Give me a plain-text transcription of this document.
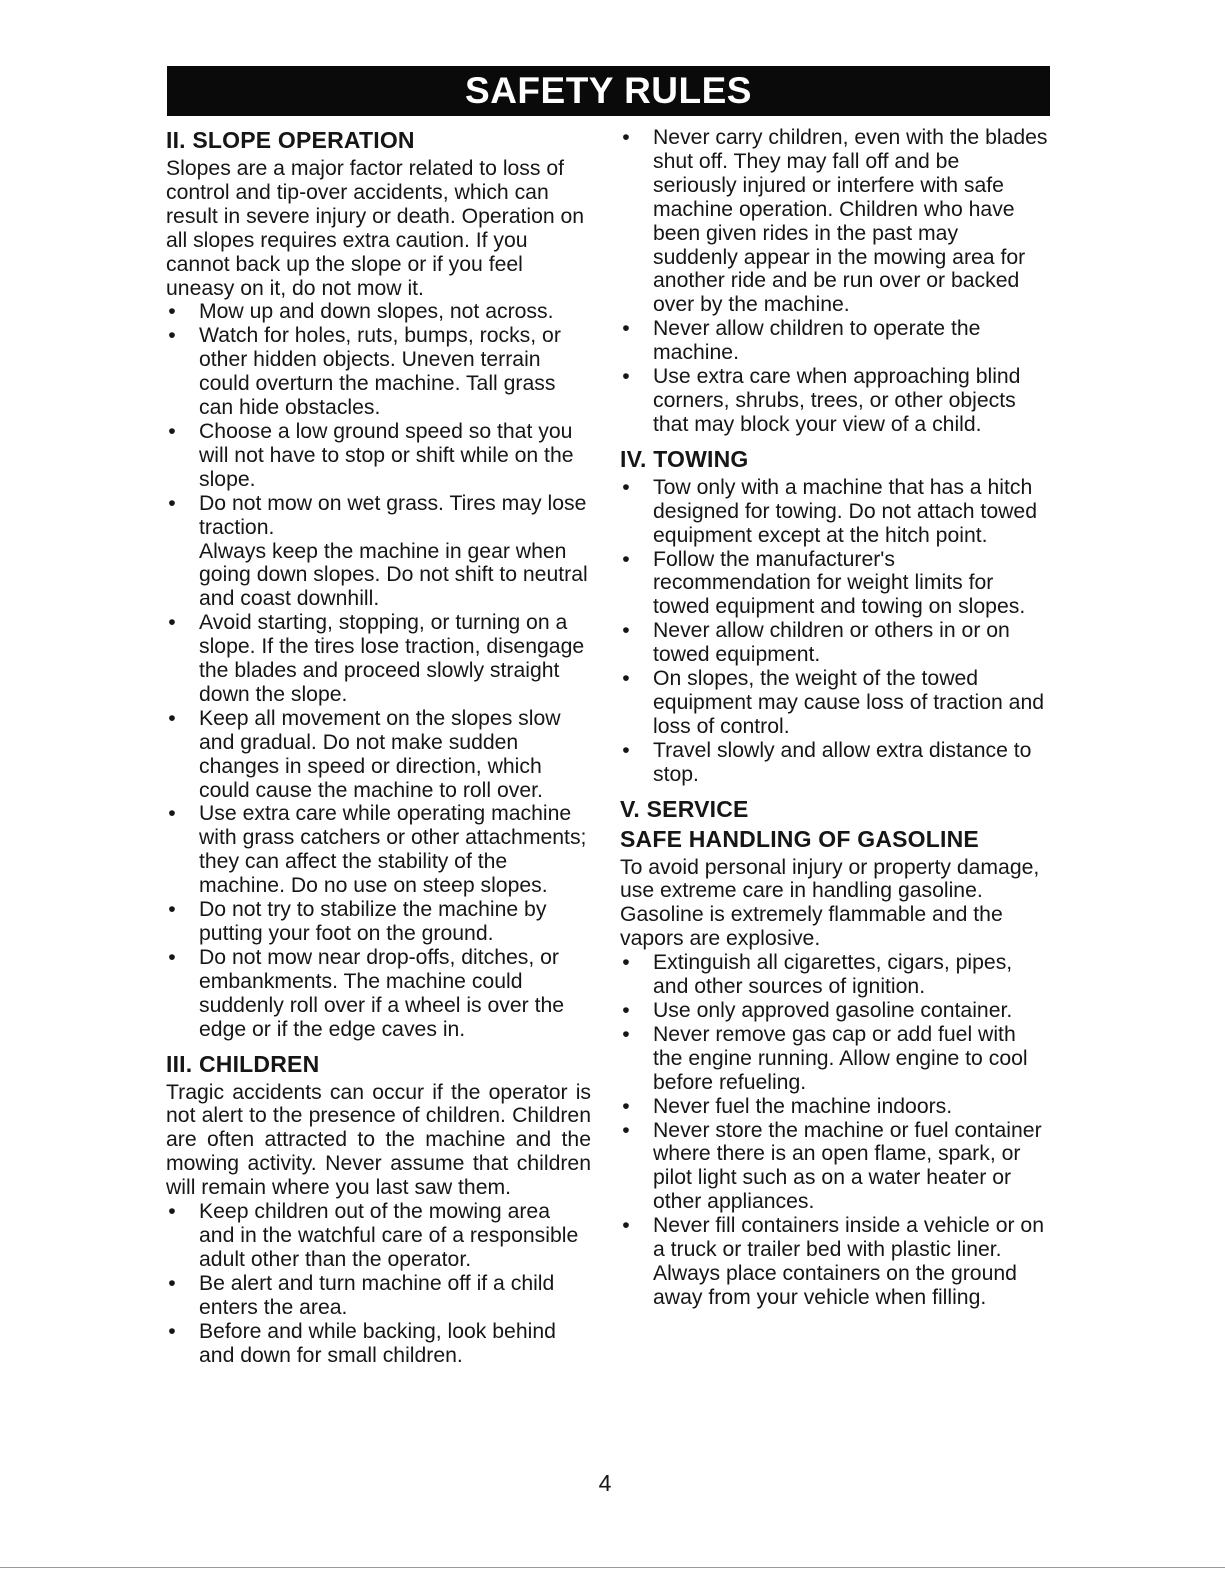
SAFETY RULES
II. SLOPE OPERATION

Slopes are a major factor related to loss of control and tip-over accidents, which can result in severe injury or death. Operation on all slopes requires extra caution. If you cannot back up the slope or if you feel uneasy on it, do not mow it.

• Mow up and down slopes, not across.
• Watch for holes, ruts, bumps, rocks, or other hidden objects. Uneven terrain could overturn the machine. Tall grass can hide obstacles.
• Choose a low ground speed so that you will not have to stop or shift while on the slope.
• Do not mow on wet grass. Tires may lose traction.
Always keep the machine in gear when going down slopes. Do not shift to neutral and coast downhill.
• Avoid starting, stopping, or turning on a slope. If the tires lose traction, disengage the blades and proceed slowly straight down the slope.
• Keep all movement on the slopes slow and gradual. Do not make sudden changes in speed or direction, which could cause the machine to roll over.
• Use extra care while operating machine with grass catchers or other attachments; they can affect the stability of the machine. Do no use on steep slopes.
• Do not try to stabilize the machine by putting your foot on the ground.
• Do not mow near drop-offs, ditches, or embankments. The machine could suddenly roll over if a wheel is over the edge or if the edge caves in.
III. CHILDREN

Tragic accidents can occur if the operator is not alert to the presence of children. Children are often attracted to the machine and the mowing activity. Never assume that children will remain where you last saw them.

• Keep children out of the mowing area and in the watchful care of a responsible adult other than the operator.
• Be alert and turn machine off if a child enters the area.
• Before and while backing, look behind and down for small children.
• Never carry children, even with the blades shut off. They may fall off and be seriously injured or interfere with safe machine operation. Children who have been given rides in the past may suddenly appear in the mowing area for another ride and be run over or backed over by the machine.
• Never allow children to operate the machine.
• Use extra care when approaching blind corners, shrubs, trees, or other objects that may block your view of a child.
IV. TOWING
• Tow only with a machine that has a hitch designed for towing. Do not attach towed equipment except at the hitch point.
• Follow the manufacturer's recommendation for weight limits for towed equipment and towing on slopes.
• Never allow children or others in or on towed equipment.
• On slopes, the weight of the towed equipment may cause loss of traction and loss of control.
• Travel slowly and allow extra distance to stop.
V. SERVICE
SAFE HANDLING OF GASOLINE

To avoid personal injury or property damage, use extreme care in handling gasoline. Gasoline is extremely flammable and the vapors are explosive.

• Extinguish all cigarettes, cigars, pipes, and other sources of ignition.
• Use only approved gasoline container.
• Never remove gas cap or add fuel with the engine running. Allow engine to cool before refueling.
• Never fuel the machine indoors.
• Never store the machine or fuel container where there is an open flame, spark, or pilot light such as on a water heater or other appliances.
• Never fill containers inside a vehicle or on a truck or trailer bed with plastic liner. Always place containers on the ground away from your vehicle when filling.
4
